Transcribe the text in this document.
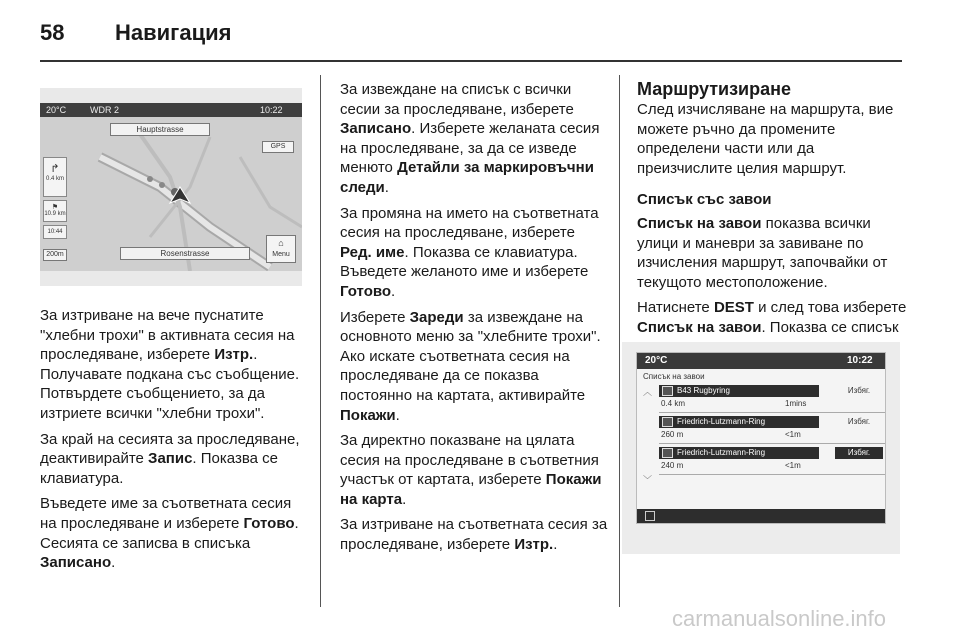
58 Навигация
20°C	WDR 2	10:22
Hauptstrasse
GPS
↱
0.4 km
⚑
10.9 km
10:44
200m	Rosenstrasse
⌂
Menu

За изтриване на вече пуснатите "хлебни трохи" в активната сесия на проследяване, изберете Изтр.. Получавате подкана със съобщение. Потвърдете съобщението, за да изтриете всички "хлебни трохи".

За край на сесията за проследяване, деактивирайте Запис. Показва се клавиатура.

Въведете име за съответната сесия на проследяване и изберете Готово. Сесията се записва в списъка Записано.

За извеждане на списък с всички сесии за проследяване, изберете Записано. Изберете желаната сесия на проследяване, за да се изведе менюто Детайли за маркировъчни следи.

За промяна на името на съответната сесия на проследяване, изберете Ред. име. Показва се клавиатура. Въведете желаното име и изберете Готово.

Изберете Зареди за извеждане на основното меню за "хлебните трохи". Ако искате съответната сесия на проследяване да се показва постоянно на картата, активирайте Покажи.

За директно показване на цялата сесия на проследяване в съответния участък от картата, изберете Покажи на карта.

За изтриване на съответната сесия за проследяване, изберете Изтр..

Маршрутизиране

След изчисляване на маршрута, вие можете ръчно да промените определени части или да преизчислите целия маршрут.

Списък със завои

Списък на завои показва всички улици и маневри за завиване по изчисления маршрут, започвайки от текущото местоположение.

Натиснете DEST и след това изберете Списък на завои. Показва се списък

20°C	10:22
Списък на завои
︿
﹀
B43 Rugbyring
0.4 km	1mins
Избяг.
Friedrich-Lutzmann-Ring
260 m	<1m
Избяг.
Friedrich-Lutzmann-Ring
240 m	<1m
Избяг.
carmanualsonline.info
